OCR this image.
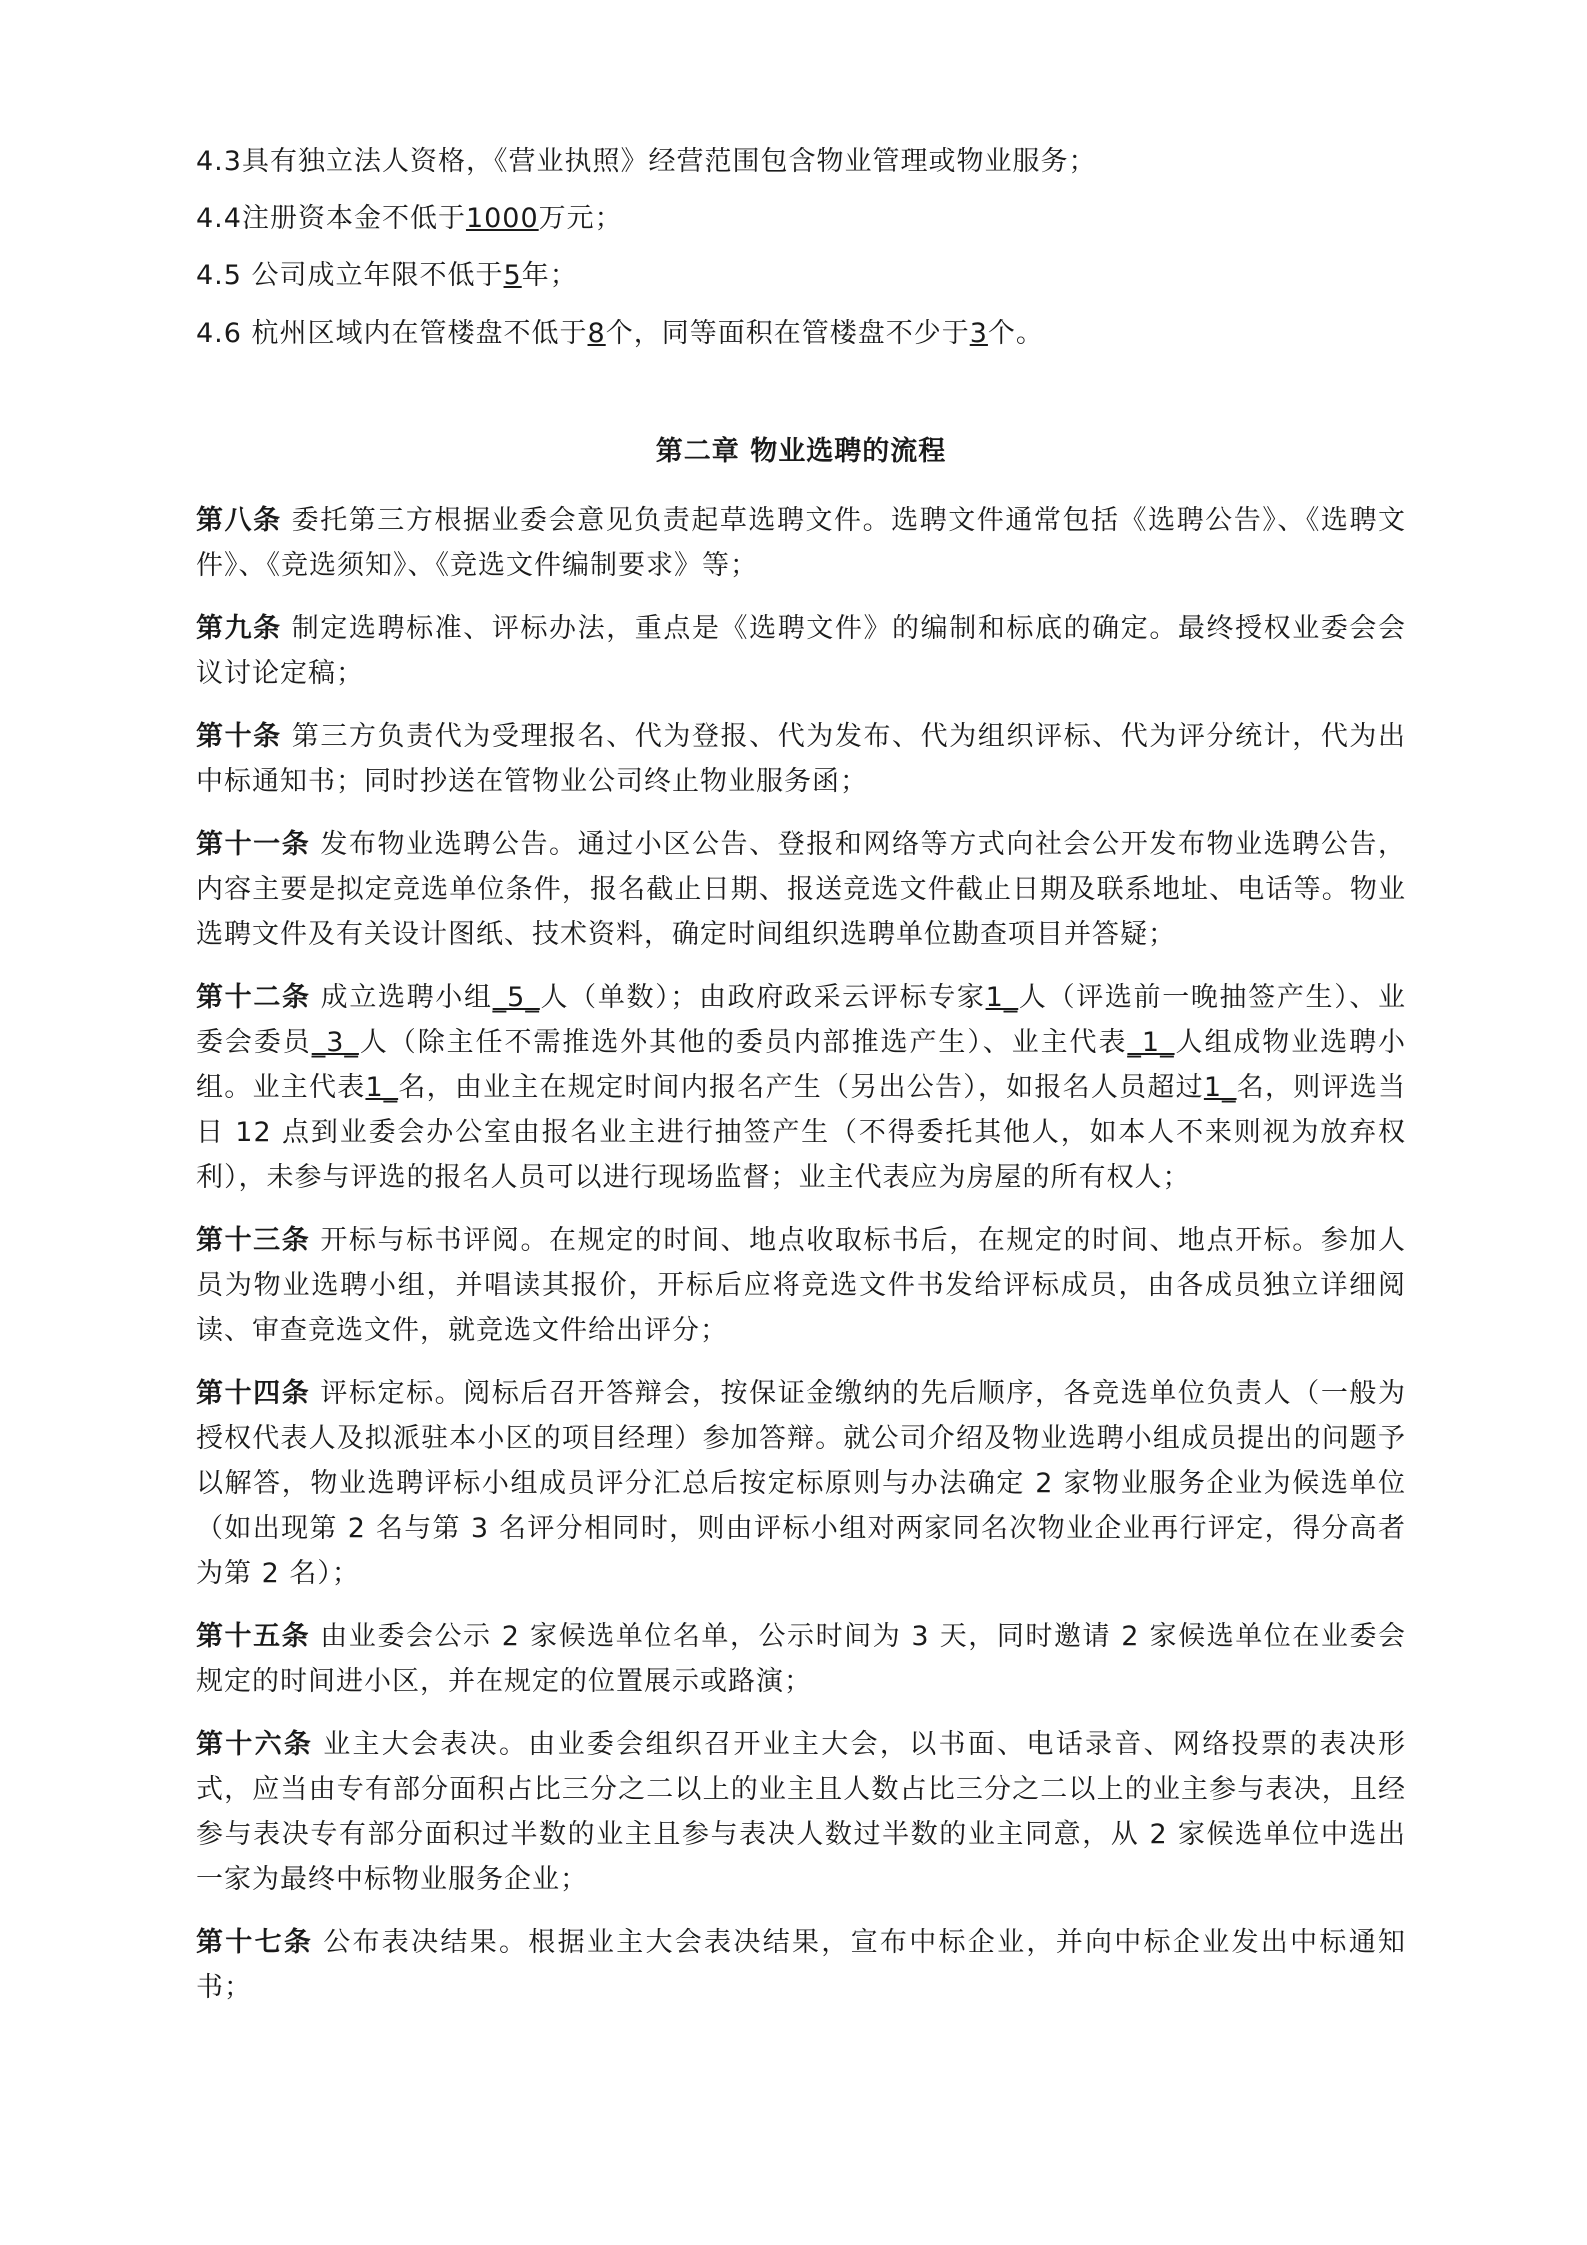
4.3具有独立法人资格，《营业执照》经营范围包含物业管理或物业服务；

4.4注册资本金不低于1000万元；

4.5 公司成立年限不低于5年；

4.6 杭州区域内在管楼盘不低于8个，同等面积在管楼盘不少于3个。

第二章 物业选聘的流程

第八条 委托第三方根据业委会意见负责起草选聘文件。选聘文件通常包括《选聘公告》、《选聘文件》、《竞选须知》、《竞选文件编制要求》等；

第九条 制定选聘标准、评标办法，重点是《选聘文件》的编制和标底的确定。最终授权业委会会议讨论定稿；

第十条 第三方负责代为受理报名、代为登报、代为发布、代为组织评标、代为评分统计，代为出中标通知书；同时抄送在管物业公司终止物业服务函；

第十一条 发布物业选聘公告。通过小区公告、登报和网络等方式向社会公开发布物业选聘公告，内容主要是拟定竞选单位条件，报名截止日期、报送竞选文件截止日期及联系地址、电话等。物业选聘文件及有关设计图纸、技术资料，确定时间组织选聘单位勘查项目并答疑；

第十二条 成立选聘小组_5_人（单数）；由政府政采云评标专家1_人（评选前一晚抽签产生）、业委会委员_3_人（除主任不需推选外其他的委员内部推选产生）、业主代表_1_人组成物业选聘小组。业主代表1_名，由业主在规定时间内报名产生（另出公告），如报名人员超过1_名，则评选当日 12 点到业委会办公室由报名业主进行抽签产生（不得委托其他人，如本人不来则视为放弃权利），未参与评选的报名人员可以进行现场监督；业主代表应为房屋的所有权人；

第十三条 开标与标书评阅。在规定的时间、地点收取标书后，在规定的时间、地点开标。参加人员为物业选聘小组，并唱读其报价，开标后应将竞选文件书发给评标成员，由各成员独立详细阅读、审查竞选文件，就竞选文件给出评分；

第十四条 评标定标。阅标后召开答辩会，按保证金缴纳的先后顺序，各竞选单位负责人（一般为授权代表人及拟派驻本小区的项目经理）参加答辩。就公司介绍及物业选聘小组成员提出的问题予以解答，物业选聘评标小组成员评分汇总后按定标原则与办法确定 2 家物业服务企业为候选单位（如出现第 2 名与第 3 名评分相同时，则由评标小组对两家同名次物业企业再行评定，得分高者为第 2 名）；

第十五条 由业委会公示 2 家候选单位名单，公示时间为 3 天，同时邀请 2 家候选单位在业委会规定的时间进小区，并在规定的位置展示或路演；

第十六条 业主大会表决。由业委会组织召开业主大会，以书面、电话录音、网络投票的表决形式，应当由专有部分面积占比三分之二以上的业主且人数占比三分之二以上的业主参与表决，且经参与表决专有部分面积过半数的业主且参与表决人数过半数的业主同意，从 2 家候选单位中选出一家为最终中标物业服务企业；

第十七条 公布表决结果。根据业主大会表决结果，宣布中标企业，并向中标企业发出中标通知书；
